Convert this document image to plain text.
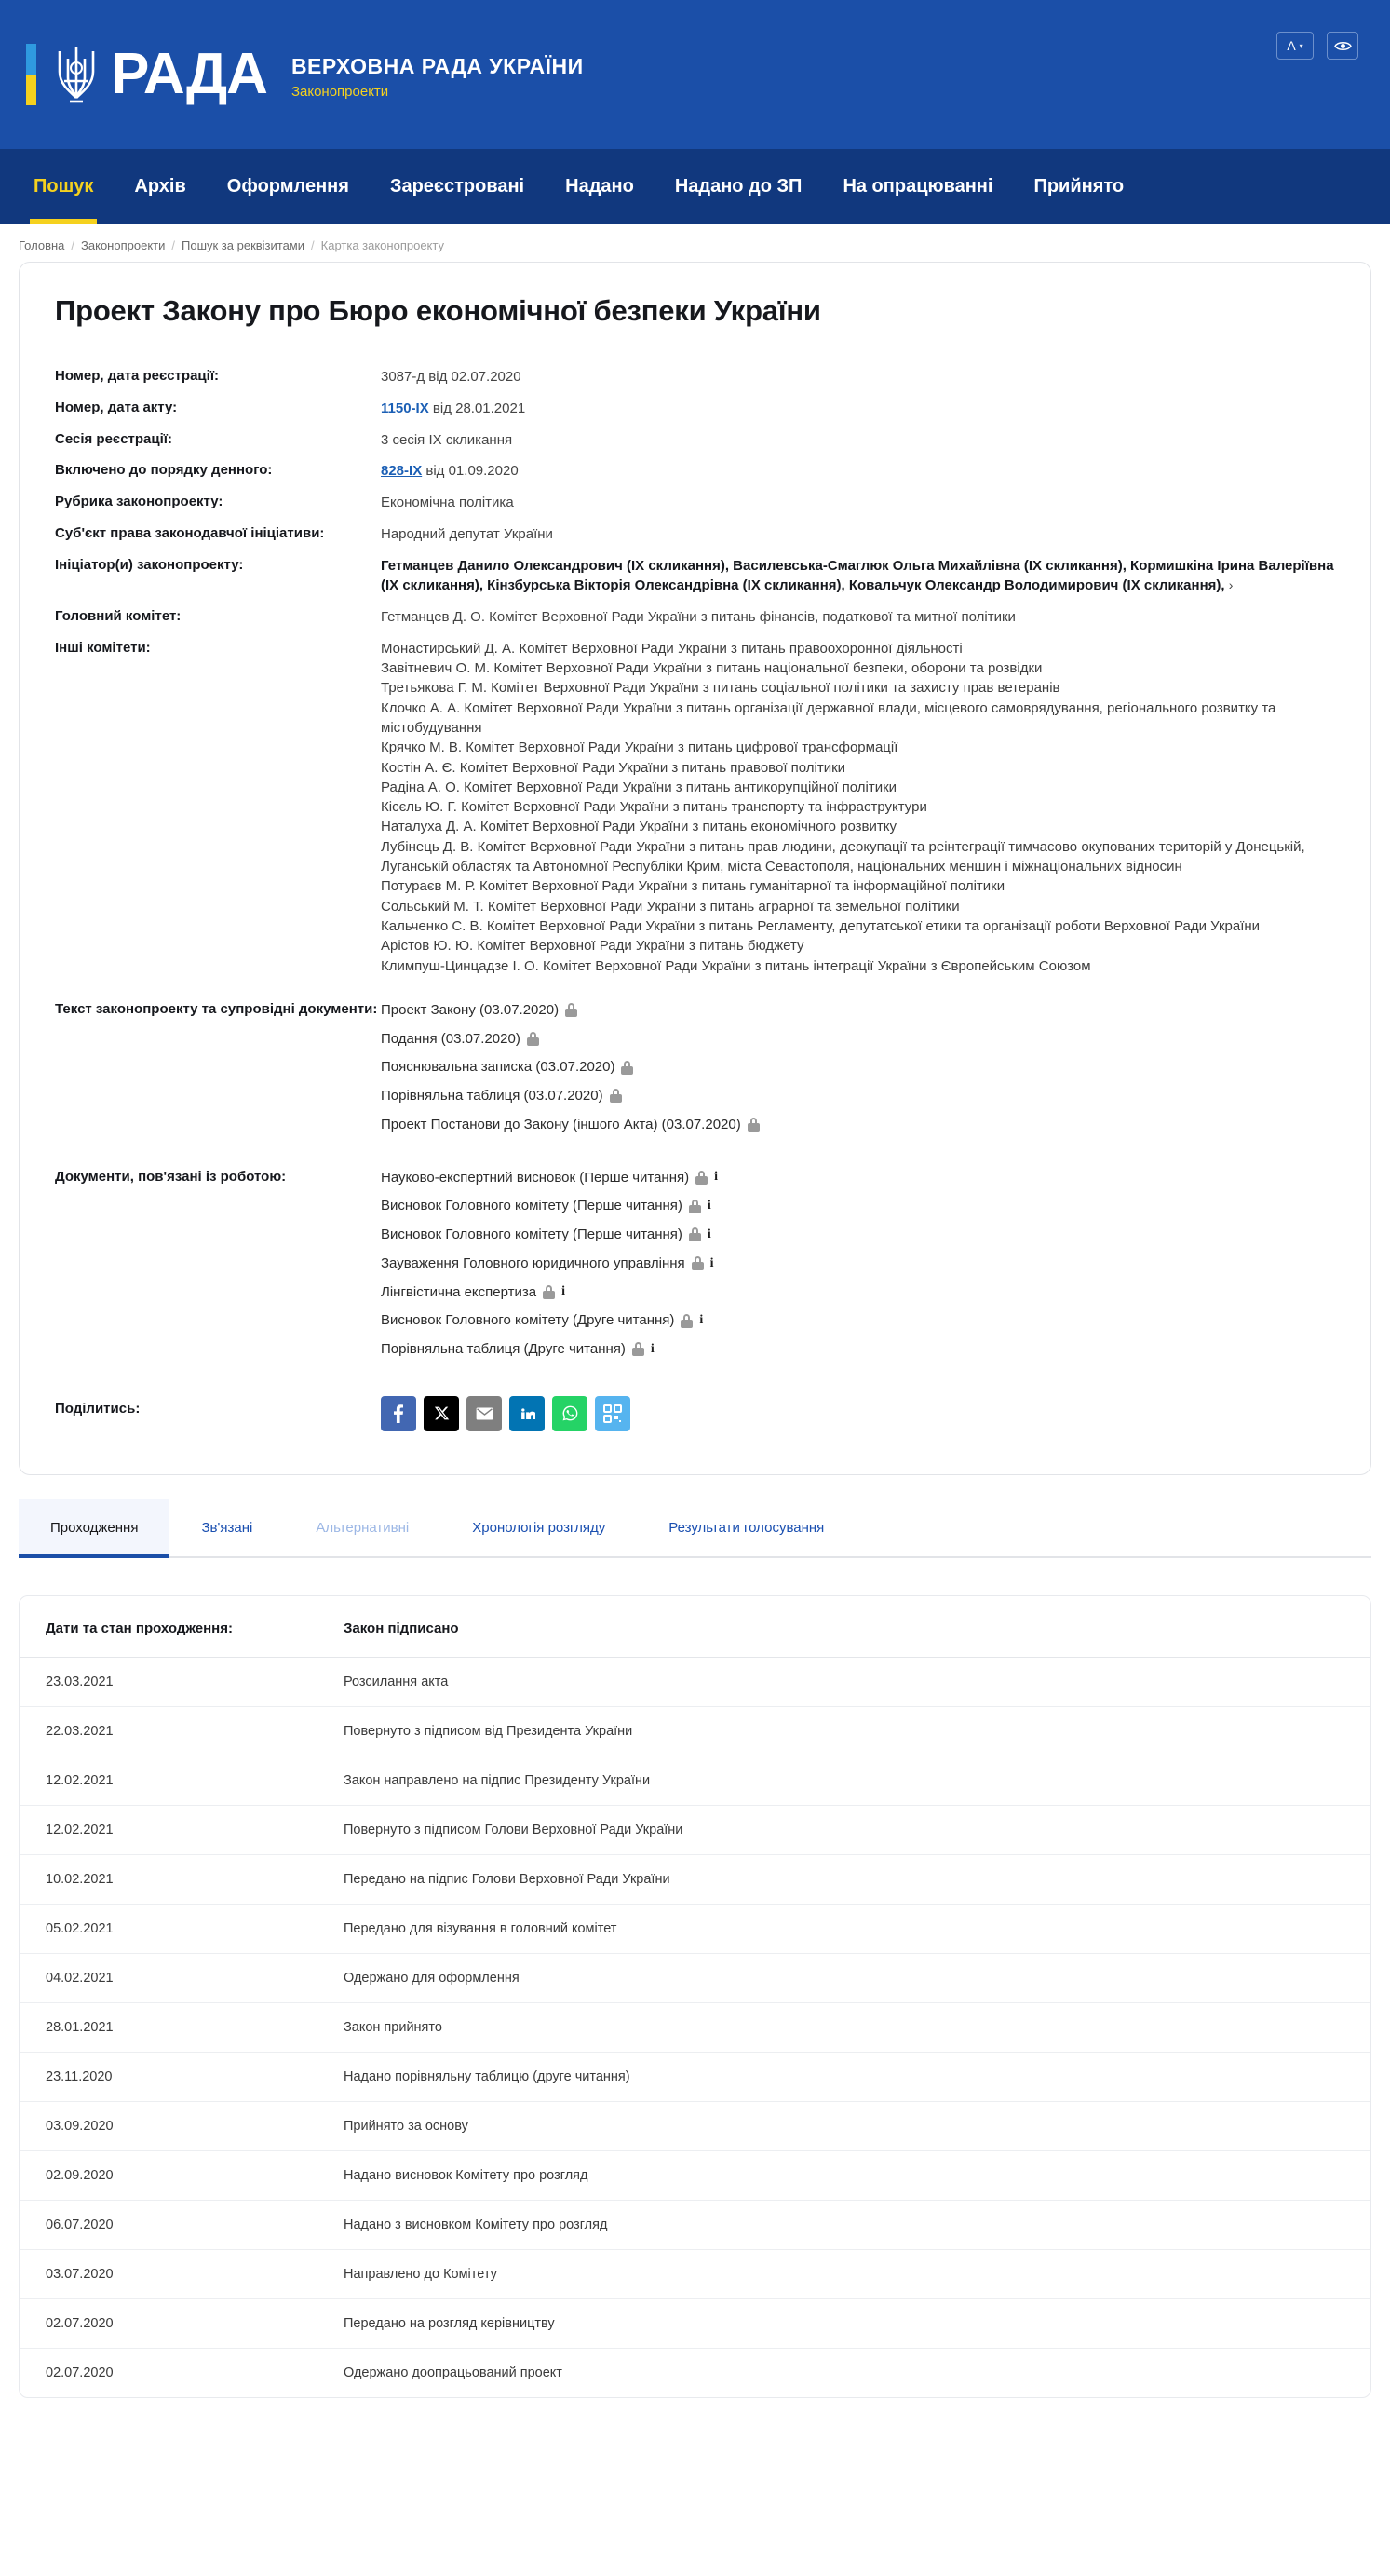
РАДА ВЕРХОВНА РАДА УКРАЇНИ
Законопроекти
A ▾
Пошук	Архів	Оформлення	Зареєстровані	Надано	Надано до ЗП	На опрацюванні	Прийнято
Головна / Законопроекти / Пошук за реквізитами / Картка законопроекту
Проект Закону про Бюро економічної безпеки України
Номер, дата реєстрації:	3087-д від 02.07.2020
Номер, дата акту:	1150-IX від 28.01.2021
Сесія реєстрації:	3 сесія IX скликання
Включено до порядку денного:	828-IX від 01.09.2020
Рубрика законопроекту:	Економічна політика
Суб'єкт права законодавчої ініціативи:	Народний депутат України
Ініціатор(и) законопроекту:	Гетманцев Данило Олександрович (IX скликання), Василевська-Смаглюк Ольга Михайлівна (IX скликання), Кормишкіна Ірина Валеріївна (IX скликання), Кінзбурська Вікторія Олександрівна (IX скликання), Ковальчук Олександр Володимирович (IX скликання), ›
Головний комітет:	Гетманцев Д. О. Комітет Верховної Ради України з питань фінансів, податкової та митної політики
Інші комітети:	Монастирський Д. А. Комітет Верховної Ради України з питань правоохоронної діяльності
Завітневич О. М. Комітет Верховної Ради України з питань національної безпеки, оборони та розвідки
Третьякова Г. М. Комітет Верховної Ради України з питань соціальної політики та захисту прав ветеранів
Клочко А. А. Комітет Верховної Ради України з питань організації державної влади, місцевого самоврядування, регіонального розвитку та містобудування
Крячко М. В. Комітет Верховної Ради України з питань цифрової трансформації
Костін А. Є. Комітет Верховної Ради України з питань правової політики
Радіна А. О. Комітет Верховної Ради України з питань антикорупційної політики
Кісєль Ю. Г. Комітет Верховної Ради України з питань транспорту та інфраструктури
Наталуха Д. А. Комітет Верховної Ради України з питань економічного розвитку
Лубінець Д. В. Комітет Верховної Ради України з питань прав людини, деокупації та реінтеграції тимчасово окупованих територій у Донецькій, Луганській областях та Автономної Республіки Крим, міста Севастополя, національних меншин і міжнаціональних відносин
Потураєв М. Р. Комітет Верховної Ради України з питань гуманітарної та інформаційної політики
Сольський М. Т. Комітет Верховної Ради України з питань аграрної та земельної політики
Кальченко С. В. Комітет Верховної Ради України з питань Регламенту, депутатської етики та організації роботи Верховної Ради України
Арістов Ю. Ю. Комітет Верховної Ради України з питань бюджету
Климпуш-Цинцадзе І. О. Комітет Верховної Ради України з питань інтеграції України з Європейським Союзом

Текст законопроекту та супровідні документи:	Проект Закону (03.07.2020)
Подання (03.07.2020)
Пояснювальна записка (03.07.2020)
Порівняльна таблиця (03.07.2020)
Проект Постанови до Закону (іншого Акта) (03.07.2020)

Документи, пов'язані із роботою:	Науково-експертний висновок (Перше читання) i
Висновок Головного комітету (Перше читання) i
Висновок Головного комітету (Перше читання) i
Зауваження Головного юридичного управління i
Лінгвістична експертиза i
Висновок Головного комітету (Друге читання) i
Порівняльна таблиця (Друге читання) i

Поділитись:	
Проходження	Зв'язані	Альтернативні	Хронологія розгляду	Результати голосування
Дати та стан проходження:	Закон підписано
23.03.2021	Розсилання акта
22.03.2021	Повернуто з підписом від Президента України
12.02.2021	Закон направлено на підпис Президенту України
12.02.2021	Повернуто з підписом Голови Верховної Ради України
10.02.2021	Передано на підпис Голови Верховної Ради України
05.02.2021	Передано для візування в головний комітет
04.02.2021	Одержано для оформлення
28.01.2021	Закон прийнято
23.11.2020	Надано порівняльну таблицю (друге читання)
03.09.2020	Прийнято за основу
02.09.2020	Надано висновок Комітету про розгляд
06.07.2020	Надано з висновком Комітету про розгляд
03.07.2020	Направлено до Комітету
02.07.2020	Передано на розгляд керівництву
02.07.2020	Одержано доопрацьований проект
